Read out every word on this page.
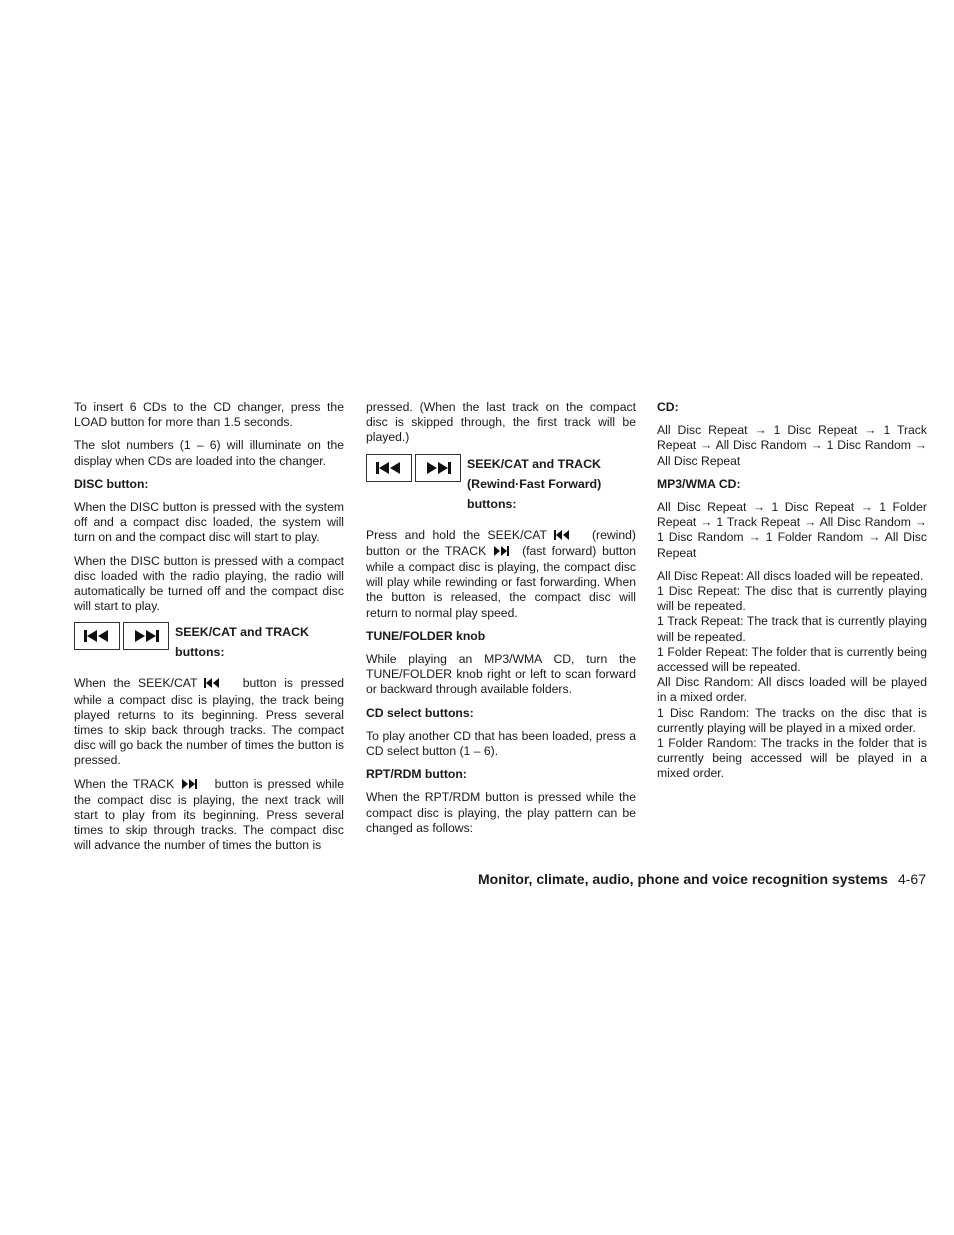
To insert 6 CDs to the CD changer, press the LOAD button for more than 1.5 seconds.

The slot numbers (1 – 6) will illuminate on the display when CDs are loaded into the changer.

DISC button:

When the DISC button is pressed with the system off and a compact disc loaded, the system will turn on and the compact disc will start to play.

When the DISC button is pressed with a compact disc loaded with the radio playing, the radio will automatically be turned off and the compact disc will start to play.

SEEK/CAT and TRACK
buttons:

When the SEEK/CAT	button is pressed while a compact disc is playing, the track being played returns to its beginning. Press several times to skip back through tracks. The compact disc will go back the number of times the button is pressed.

When the TRACK	button is pressed while the compact disc is playing, the next track will start to play from its beginning. Press several times to skip through tracks. The compact disc will advance the number of times the button is

pressed. (When the last track on the compact disc is skipped through, the first track will be played.)

SEEK/CAT and TRACK
(Rewind·Fast Forward)
buttons:

Press and hold the SEEK/CAT	(rewind) button or the TRACK	(fast forward) button while a compact disc is playing, the compact disc will play while rewinding or fast forwarding. When the button is released, the compact disc will return to normal play speed.

TUNE/FOLDER knob

While playing an MP3/WMA CD, turn the TUNE/FOLDER knob right or left to scan forward or backward through available folders.

CD select buttons:

To play another CD that has been loaded, press a CD select button (1 – 6).

RPT/RDM button:

When the RPT/RDM button is pressed while the compact disc is playing, the play pattern can be changed as follows:

CD:

All Disc Repeat → 1 Disc Repeat → 1 Track Repeat → All Disc Random → 1 Disc Random → All Disc Repeat

MP3/WMA CD:

All Disc Repeat → 1 Disc Repeat → 1 Folder Repeat → 1 Track Repeat → All Disc Random → 1 Disc Random → 1 Folder Random → All Disc Repeat

All Disc Repeat: All discs loaded will be repeated.

1 Disc Repeat: The disc that is currently playing will be repeated.

1 Track Repeat: The track that is currently playing will be repeated.

1 Folder Repeat: The folder that is currently being accessed will be repeated.

All Disc Random: All discs loaded will be played in a mixed order.

1 Disc Random: The tracks on the disc that is currently playing will be played in a mixed order.

1 Folder Random: The tracks in the folder that is currently being accessed will be played in a mixed order.

Monitor, climate, audio, phone and voice recognition systems 4-67
